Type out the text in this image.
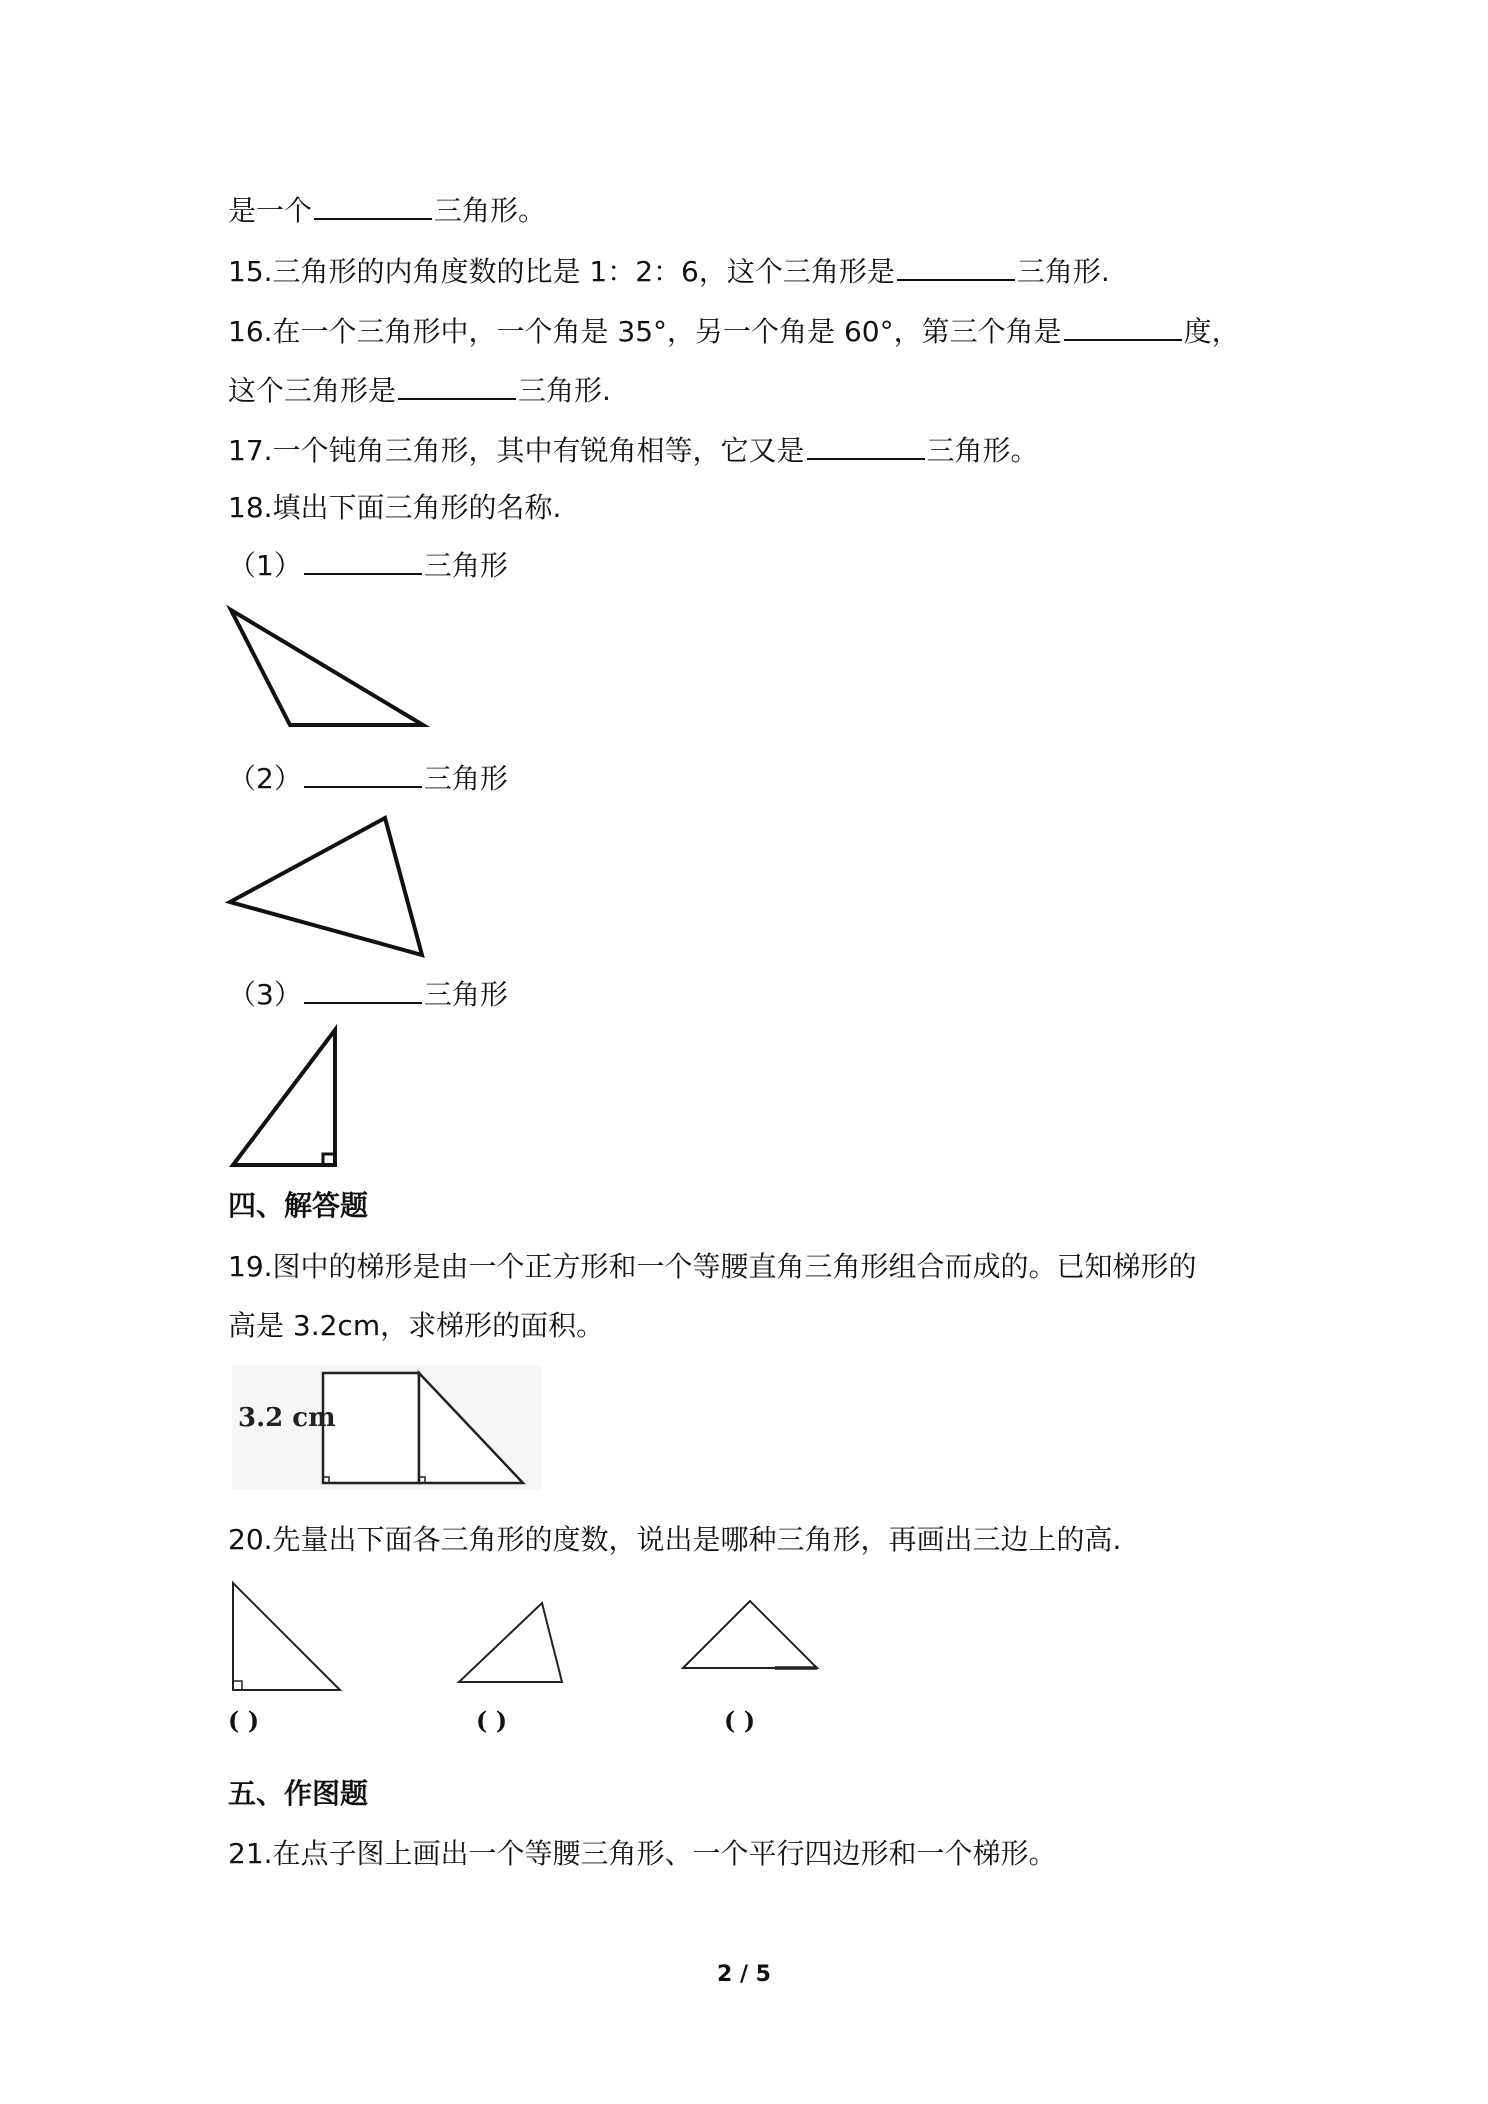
是一个	三角形。
15.三角形的内角度数的比是 1：2：6，这个三角形是	三角形.
16.在一个三角形中，一个角是 35°，另一个角是 60°，第三个角是	度，
这个三角形是	三角形.
17.一个钝角三角形，其中有锐角相等，它又是	三角形。
18.填出下面三角形的名称.
（1）	三角形
（2）	三角形
（3）	三角形
四、解答题
19.图中的梯形是由一个正方形和一个等腰直角三角形组合而成的。已知梯形的
高是 3.2cm，求梯形的面积。
3.2 cm
20.先量出下面各三角形的度数，说出是哪种三角形，再画出三边上的高.
( )	( )	( )
五、作图题
21.在点子图上画出一个等腰三角形、一个平行四边形和一个梯形。
2 / 5
